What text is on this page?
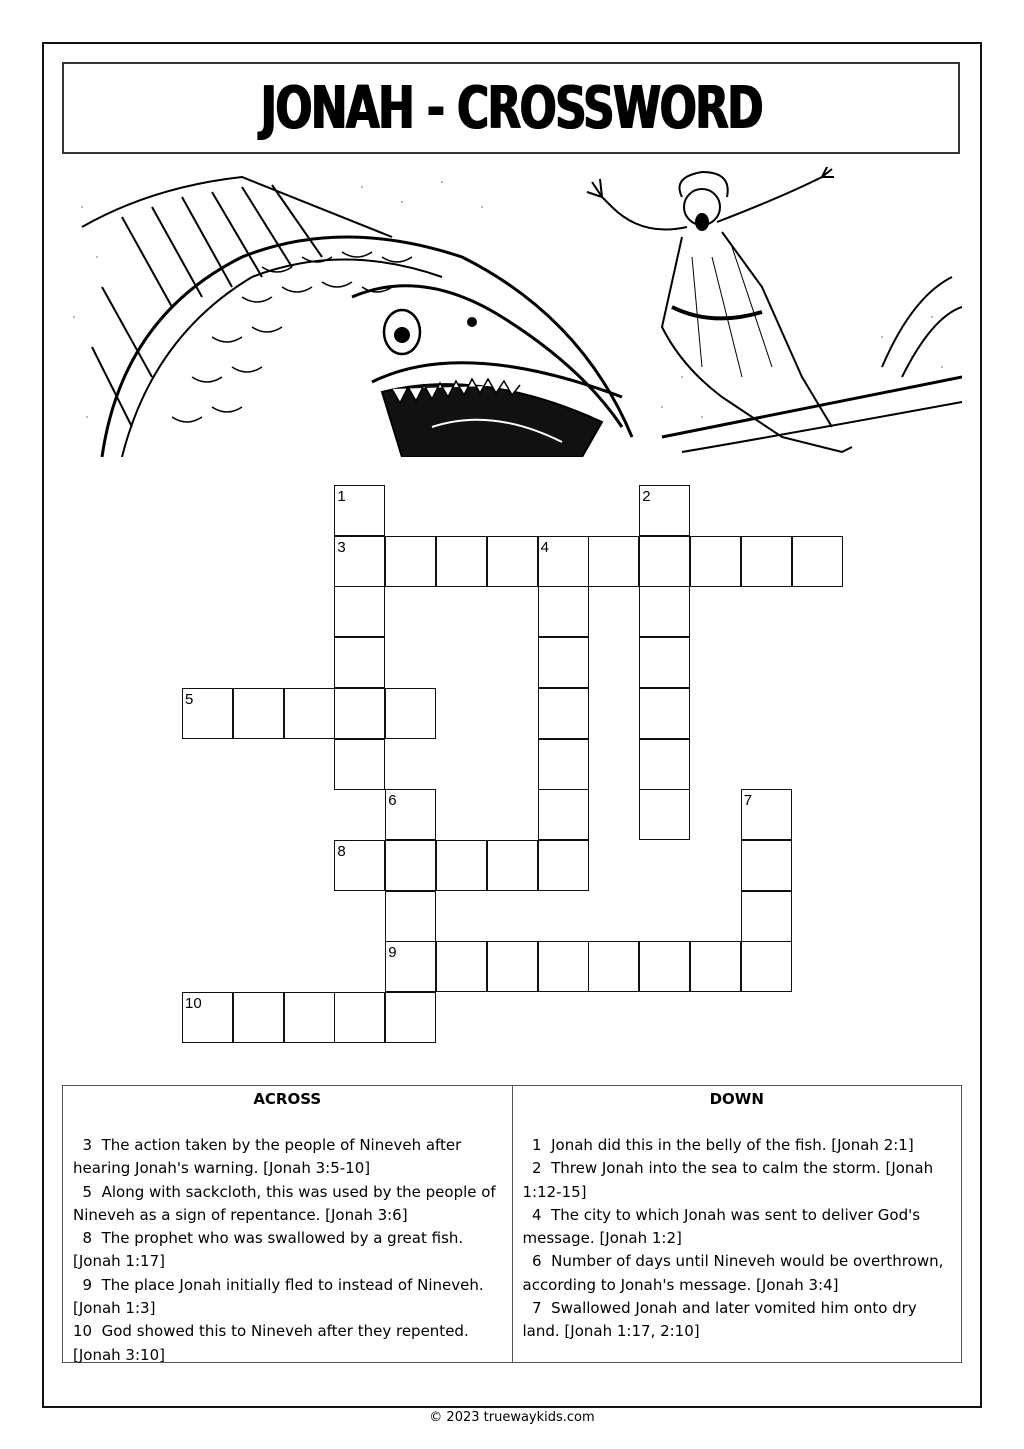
JONAH - CROSSWORD
1	2
3	4
5
6	7
8
9
10
ACROSS
3  The action taken by the people of Nineveh after hearing Jonah's warning. [Jonah 3:5-10]
5  Along with sackcloth, this was used by the people of Nineveh as a sign of repentance. [Jonah 3:6]
8  The prophet who was swallowed by a great fish. [Jonah 1:17]
9  The place Jonah initially fled to instead of Nineveh. [Jonah 1:3]
10  God showed this to Nineveh after they repented. [Jonah 3:10]
DOWN
1  Jonah did this in the belly of the fish. [Jonah 2:1]
2  Threw Jonah into the sea to calm the storm. [Jonah 1:12-15]
4  The city to which Jonah was sent to deliver God's message. [Jonah 1:2]
6  Number of days until Nineveh would be overthrown, according to Jonah's message. [Jonah 3:4]
7  Swallowed Jonah and later vomited him onto dry land. [Jonah 1:17, 2:10]
© 2023 truewaykids.com
